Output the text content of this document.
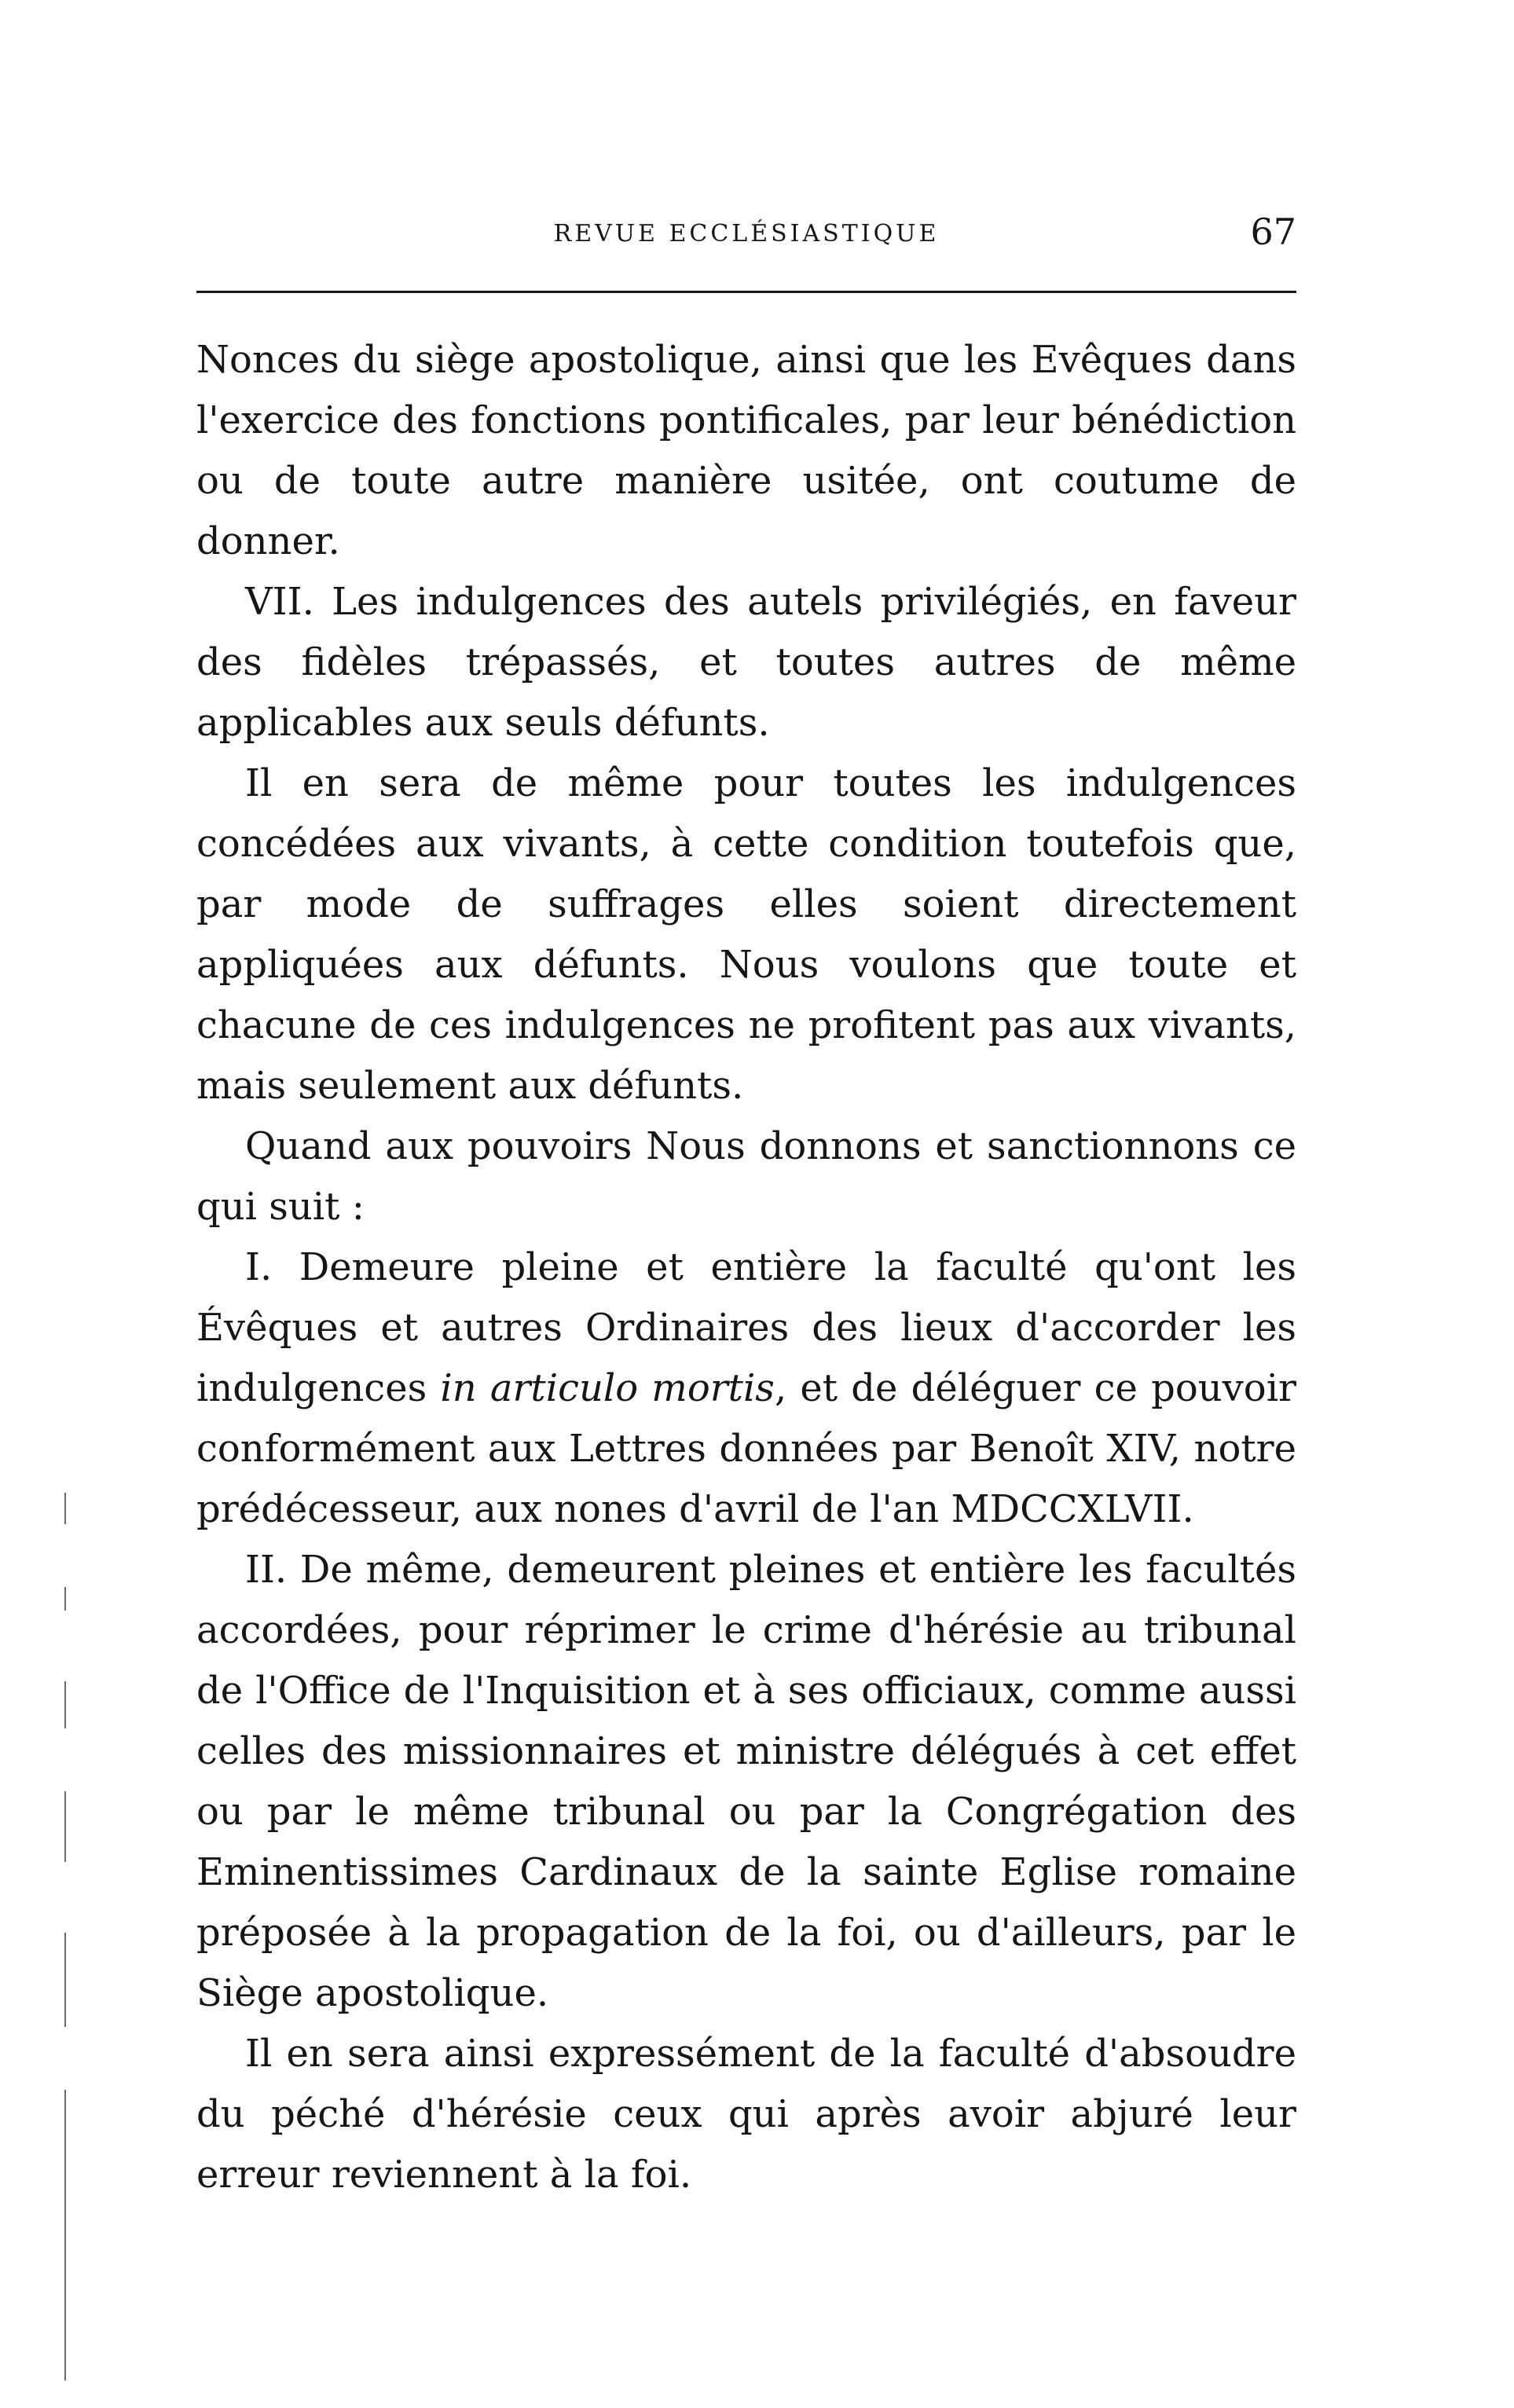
REVUE ECCLÉSIASTIQUE	67

Nonces du siège apostolique, ainsi que les Evêques dans l'exercice des fonctions pontificales, par leur bénédiction ou de toute autre manière usitée, ont coutume de donner.

VII. Les indulgences des autels privilégiés, en faveur des fidèles trépassés, et toutes autres de même applicables aux seuls défunts.

Il en sera de même pour toutes les indulgences concédées aux vivants, à cette condition toutefois que, par mode de suffrages elles soient directement appliquées aux défunts. Nous voulons que toute et chacune de ces indulgences ne profitent pas aux vivants, mais seulement aux défunts.

Quand aux pouvoirs Nous donnons et sanctionnons ce qui suit :

I. Demeure pleine et entière la faculté qu'ont les Évêques et autres Ordinaires des lieux d'accorder les indulgences in articulo mortis, et de déléguer ce pouvoir conformément aux Lettres données par Benoît XIV, notre prédécesseur, aux nones d'avril de l'an MDCCXLVII.

II. De même, demeurent pleines et entière les facultés accordées, pour réprimer le crime d'hérésie au tribunal de l'Office de l'Inquisition et à ses officiaux, comme aussi celles des missionnaires et ministre délégués à cet effet ou par le même tribunal ou par la Congrégation des Eminentissimes Cardinaux de la sainte Eglise romaine préposée à la propagation de la foi, ou d'ailleurs, par le Siège apostolique.

Il en sera ainsi expressément de la faculté d'absoudre du péché d'hérésie ceux qui après avoir abjuré leur erreur reviennent à la foi.
